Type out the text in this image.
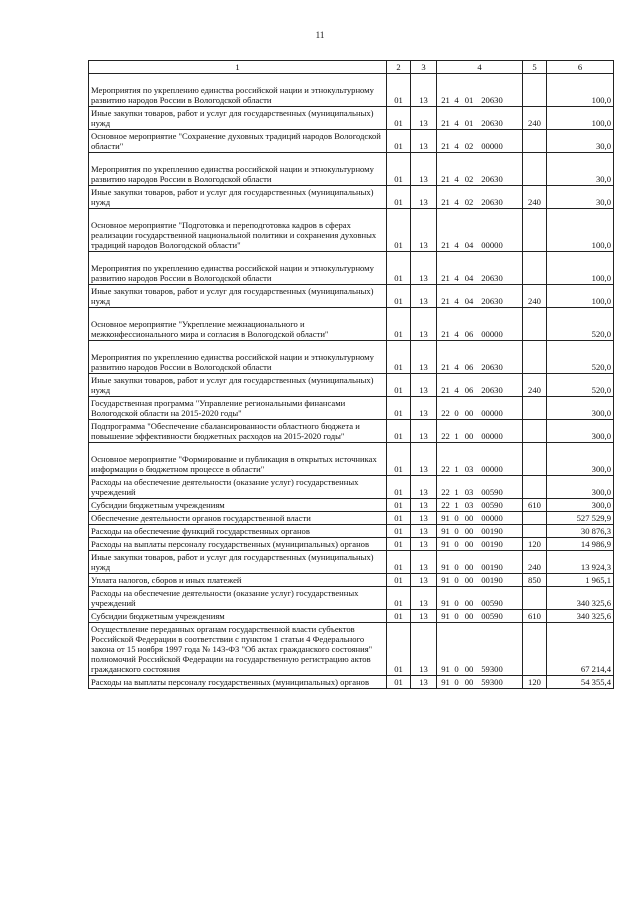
11
1	2	3	4	5	6

Мероприятия по укреплению единства российской нации и этнокультурному развитию народов России в Вологодской области	01	13	21 4 01 20630		100,0
Иные закупки товаров, работ и услуг для государственных (муниципальных) нужд	01	13	21 4 01 20630	240	100,0
Основное мероприятие "Сохранение духовных традиций народов Вологодской области"	01	13	21 4 02 00000		30,0

Мероприятия по укреплению единства российской нации и этнокультурному развитию народов России в Вологодской области	01	13	21 4 02 20630		30,0
Иные закупки товаров, работ и услуг для государственных (муниципальных) нужд	01	13	21 4 02 20630	240	30,0

Основное мероприятие "Подготовка и переподготовка кадров в сферах реализации государственной национальной политики и сохранения духовных традиций народов Вологодской области"	01	13	21 4 04 00000		100,0

Мероприятия по укреплению единства российской нации и этнокультурному развитию народов России в Вологодской области	01	13	21 4 04 20630		100,0
Иные закупки товаров, работ и услуг для государственных (муниципальных) нужд	01	13	21 4 04 20630	240	100,0

Основное мероприятие "Укрепление межнационального и межконфессионального мира и согласия в Вологодской области"	01	13	21 4 06 00000		520,0

Мероприятия по укреплению единства российской нации и этнокультурному развитию народов России в Вологодской области	01	13	21 4 06 20630		520,0
Иные закупки товаров, работ и услуг для государственных (муниципальных) нужд	01	13	21 4 06 20630	240	520,0
Государственная программа "Управление региональными финансами Вологодской области на 2015-2020 годы"	01	13	22 0 00 00000		300,0
Подпрограмма "Обеспечение сбалансированности областного бюджета и повышение эффективности бюджетных расходов на 2015-2020 годы"	01	13	22 1 00 00000		300,0

Основное мероприятие "Формирование и публикация в открытых источниках информации о бюджетном процессе в области"	01	13	22 1 03 00000		300,0
Расходы на обеспечение деятельности (оказание услуг) государственных учреждений	01	13	22 1 03 00590		300,0
Субсидии бюджетным учреждениям	01	13	22 1 03 00590	610	300,0
Обеспечение деятельности органов государственной власти	01	13	91 0 00 00000		527 529,9
Расходы на обеспечение функций государственных органов	01	13	91 0 00 00190		30 876,3
Расходы на выплаты персоналу государственных (муниципальных) органов	01	13	91 0 00 00190	120	14 986,9
Иные закупки товаров, работ и услуг для государственных (муниципальных) нужд	01	13	91 0 00 00190	240	13 924,3
Уплата налогов, сборов и иных платежей	01	13	91 0 00 00190	850	1 965,1
Расходы на обеспечение деятельности (оказание услуг) государственных учреждений	01	13	91 0 00 00590		340 325,6
Субсидии бюджетным учреждениям	01	13	91 0 00 00590	610	340 325,6
Осуществление переданных органам государственной власти субъектов Российской Федерации в соответствии с пунктом 1 статьи 4 Федерального закона от 15 ноября 1997 года № 143-ФЗ "Об актах гражданского состояния" полномочий Российской Федерации на государственную регистрацию актов гражданского состояния	01	13	91 0 00 59300		67 214,4
Расходы на выплаты персоналу государственных (муниципальных) органов	01	13	91 0 00 59300	120	54 355,4
